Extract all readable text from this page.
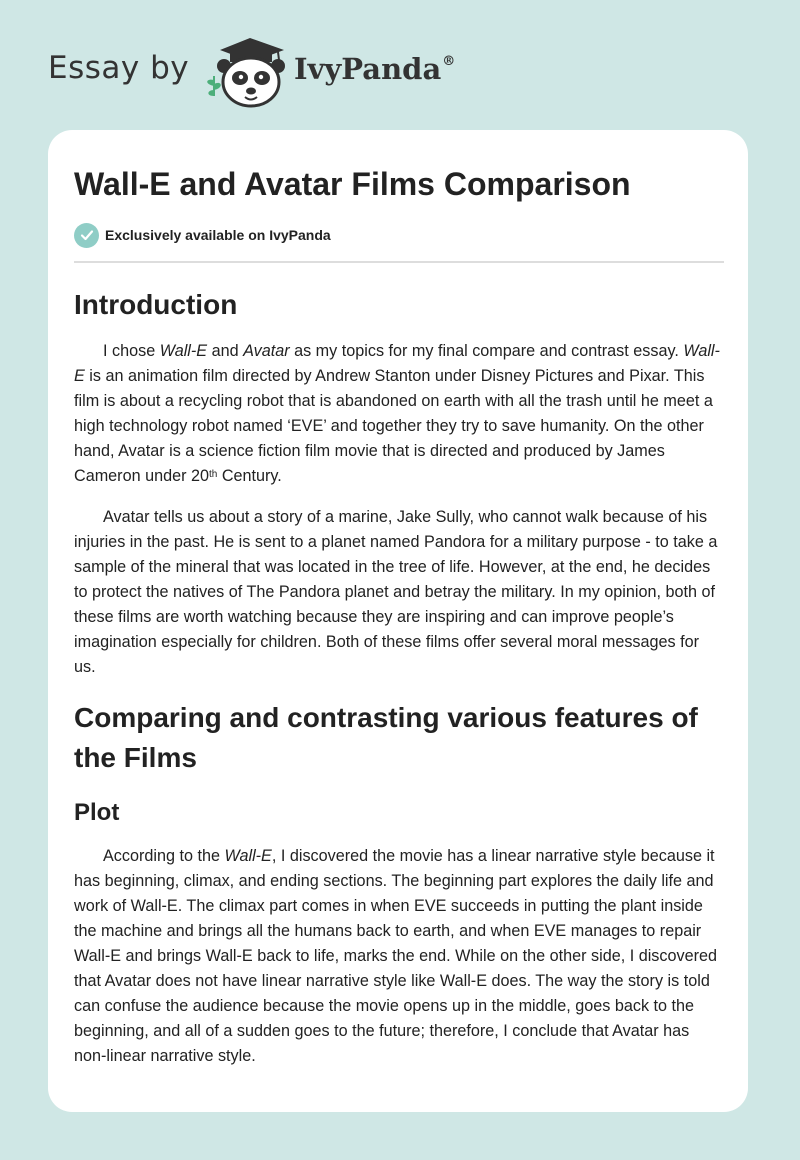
Essay by	IvyPanda®
Wall-E and Avatar Films Comparison
Exclusively available on IvyPanda
Introduction

I chose Wall-E and Avatar as my topics for my final compare and contrast essay. Wall-E is an animation film directed by Andrew Stanton under Disney Pictures and Pixar. This film is about a recycling robot that is abandoned on earth with all the trash until he meet a high technology robot named ‘EVE’ and together they try to save humanity. On the other hand, Avatar is a science fiction film movie that is directed and produced by James Cameron under 20th Century.

Avatar tells us about a story of a marine, Jake Sully, who cannot walk because of his injuries in the past. He is sent to a planet named Pandora for a military purpose - to take a sample of the mineral that was located in the tree of life. However, at the end, he decides to protect the natives of The Pandora planet and betray the military. In my opinion, both of these films are worth watching because they are inspiring and can improve people’s imagination especially for children. Both of these films offer several moral messages for us.

Comparing and contrasting various features of the Films
Plot

According to the Wall-E, I discovered the movie has a linear narrative style because it has beginning, climax, and ending sections. The beginning part explores the daily life and work of Wall-E. The climax part comes in when EVE succeeds in putting the plant inside the machine and brings all the humans back to earth, and when EVE manages to repair Wall-E and brings Wall-E back to life, marks the end. While on the other side, I discovered that Avatar does not have linear narrative style like Wall-E does. The way the story is told can confuse the audience because the movie opens up in the middle, goes back to the beginning, and all of a sudden goes to the future; therefore, I conclude that Avatar has non-linear narrative style.
